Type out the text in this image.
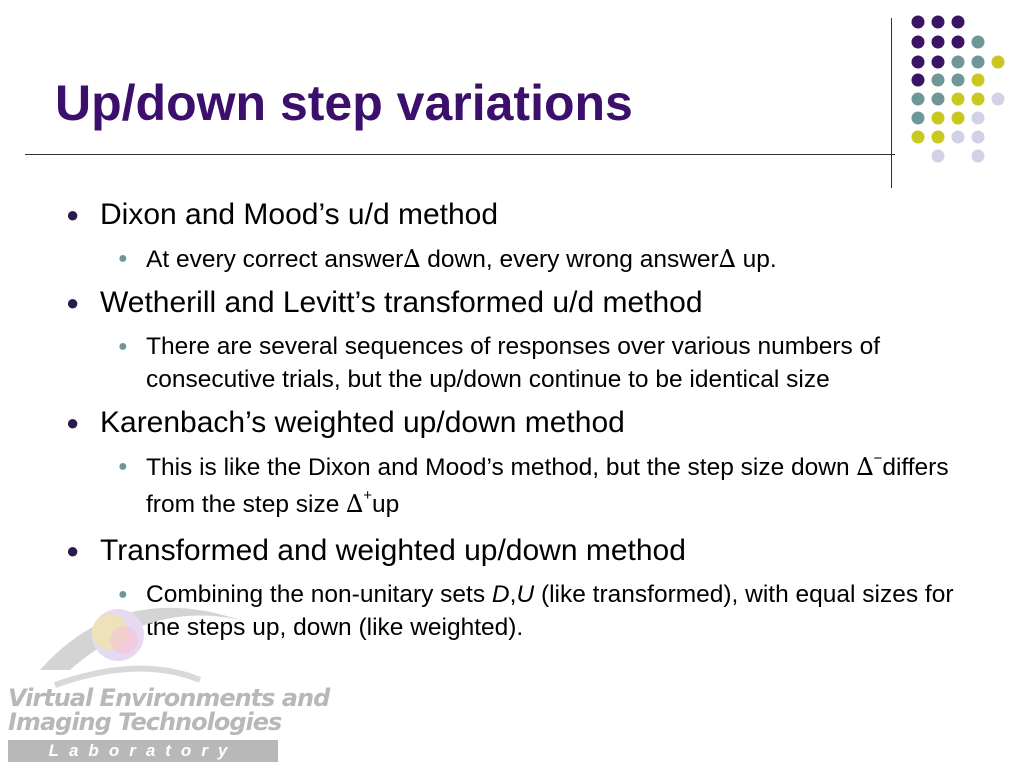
Up/down step variations
● Dixon and Mood’s u/d method
● At every correct answer∆ down, every wrong answer∆ up.
● Wetherill and Levitt’s transformed u/d method
● There are several sequences of responses over various numbers of consecutive trials, but the up/down continue to be identical size
● Karenbach’s weighted up/down method
● This is like the Dixon and Mood’s method, but the step size down ∆−differs from the step size ∆+up
● Transformed and weighted up/down method
● Combining the non-unitary sets D,U (like transformed), with equal sizes for the steps up, down (like weighted).
Virtual Environments and
Imaging Technologies
Laboratory
